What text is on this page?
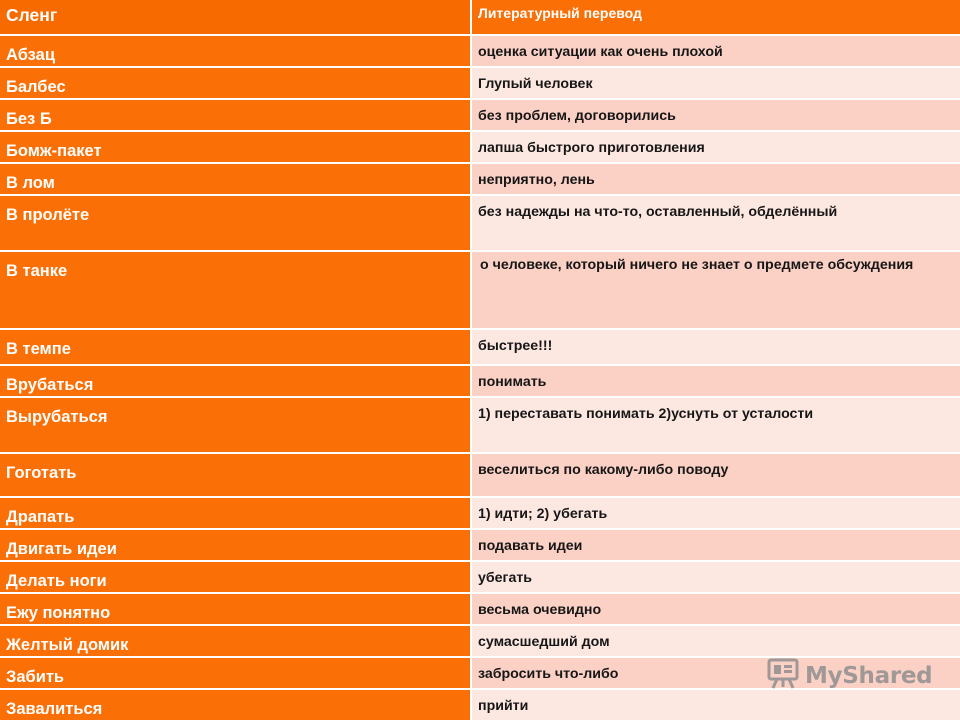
Сленг	Литературный перевод
Абзац	оценка ситуации как очень плохой
Балбес	Глупый человек
Без Б	без проблем, договорились
Бомж-пакет	лапша быстрого приготовления
В лом	неприятно, лень
В пролёте	без надежды на что-то, оставленный, обделённый
В танке	о человеке, который ничего не знает о предмете обсуждения
В темпе	быстрее!!!
Врубаться	понимать
Вырубаться	1) переставать понимать 2)уснуть от усталости
Гоготать	веселиться по какому-либо поводу
Драпать	1) идти; 2) убегать
Двигать идеи	подавать идеи
Делать ноги	убегать
Ежу понятно	весьма очевидно
Желтый домик	сумасшедший дом
Забить	забросить что-либо
Завалиться	прийти
MyShared
